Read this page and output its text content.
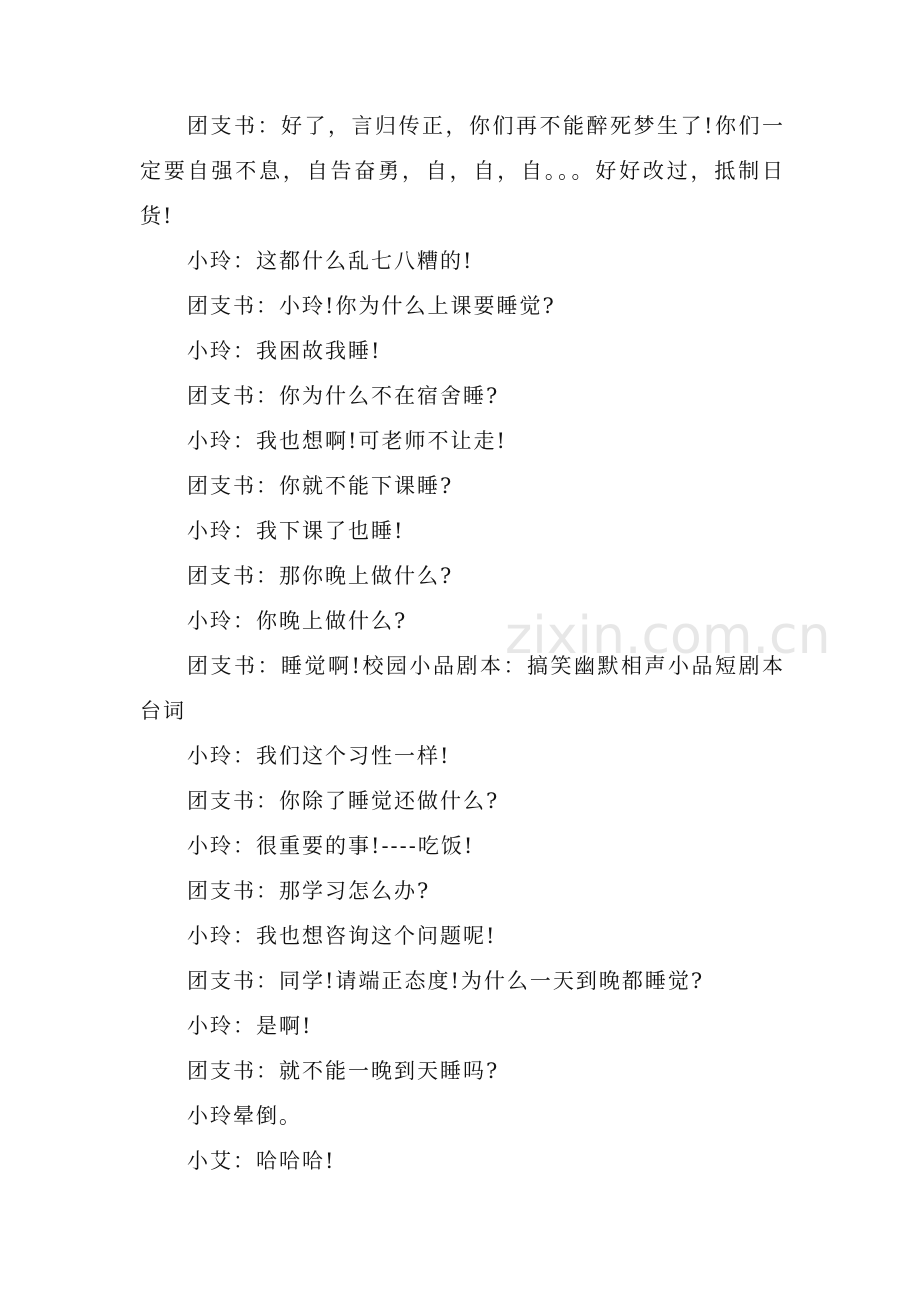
团支书：好了，言归传正，你们再不能醉死梦生了!你们一定要自强不息，自告奋勇，自，自，自。。。好好改过，抵制日货!

小玲：这都什么乱七八糟的!

团支书：小玲!你为什么上课要睡觉?

小玲：我困故我睡!

团支书：你为什么不在宿舍睡?

小玲：我也想啊!可老师不让走!

团支书：你就不能下课睡?

小玲：我下课了也睡!

团支书：那你晚上做什么?

小玲：你晚上做什么?

团支书：睡觉啊!校园小品剧本：搞笑幽默相声小品短剧本台词

小玲：我们这个习性一样!

团支书：你除了睡觉还做什么?

小玲：很重要的事!----吃饭!

团支书：那学习怎么办?

小玲：我也想咨询这个问题呢!

团支书：同学!请端正态度!为什么一天到晚都睡觉?

小玲：是啊!

团支书：就不能一晚到天睡吗?

小玲晕倒。

小艾：哈哈哈!

zixin.com.cn
